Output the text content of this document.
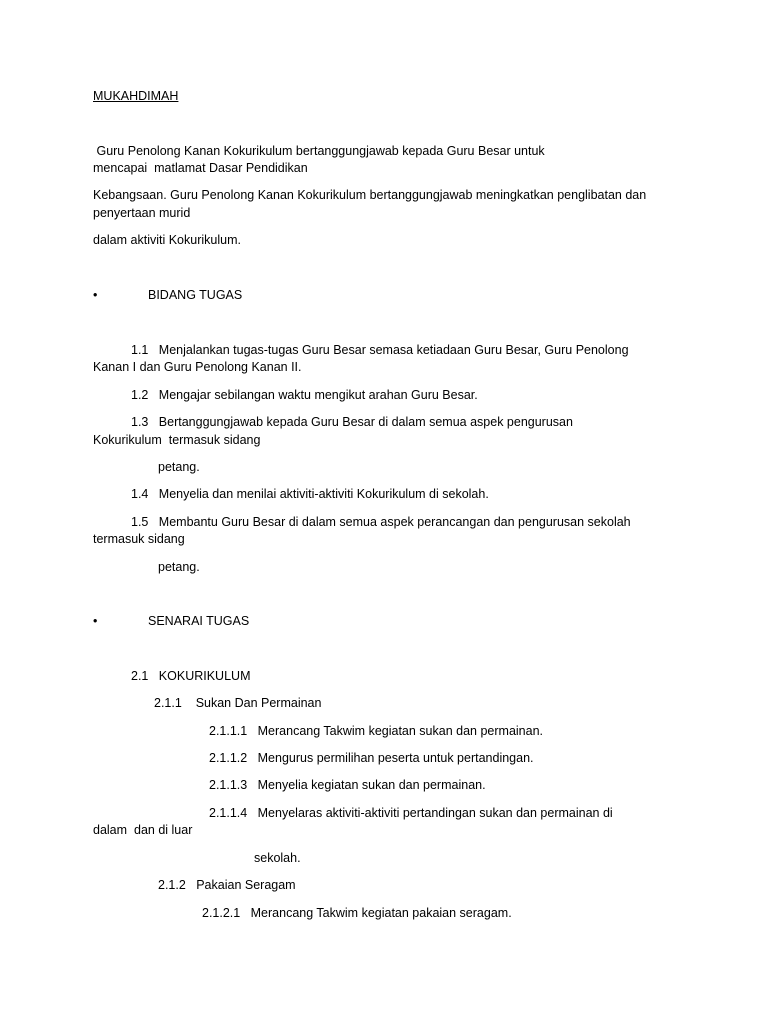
MUKAHDIMAH
Guru Penolong Kanan Kokurikulum bertanggungjawab kepada Guru Besar untuk
mencapai  matlamat Dasar Pendidikan
Kebangsaan. Guru Penolong Kanan Kokurikulum bertanggungjawab meningkatkan penglibatan dan
penyertaan murid
dalam aktiviti Kokurikulum.
•	BIDANG TUGAS
1.1   Menjalankan tugas-tugas Guru Besar semasa ketiadaan Guru Besar, Guru Penolong
Kanan I dan Guru Penolong Kanan II.
1.2   Mengajar sebilangan waktu mengikut arahan Guru Besar.
1.3   Bertanggungjawab kepada Guru Besar di dalam semua aspek pengurusan
Kokurikulum  termasuk sidang
petang.
1.4   Menyelia dan menilai aktiviti-aktiviti Kokurikulum di sekolah.
1.5   Membantu Guru Besar di dalam semua aspek perancangan dan pengurusan sekolah
termasuk sidang
petang.
•	SENARAI TUGAS
2.1   KOKURIKULUM
2.1.1    Sukan Dan Permainan
2.1.1.1   Merancang Takwim kegiatan sukan dan permainan.
2.1.1.2   Mengurus permilihan peserta untuk pertandingan.
2.1.1.3   Menyelia kegiatan sukan dan permainan.
2.1.1.4   Menyelaras aktiviti-aktiviti pertandingan sukan dan permainan di
dalam  dan di luar
sekolah.
2.1.2   Pakaian Seragam
2.1.2.1   Merancang Takwim kegiatan pakaian seragam.
